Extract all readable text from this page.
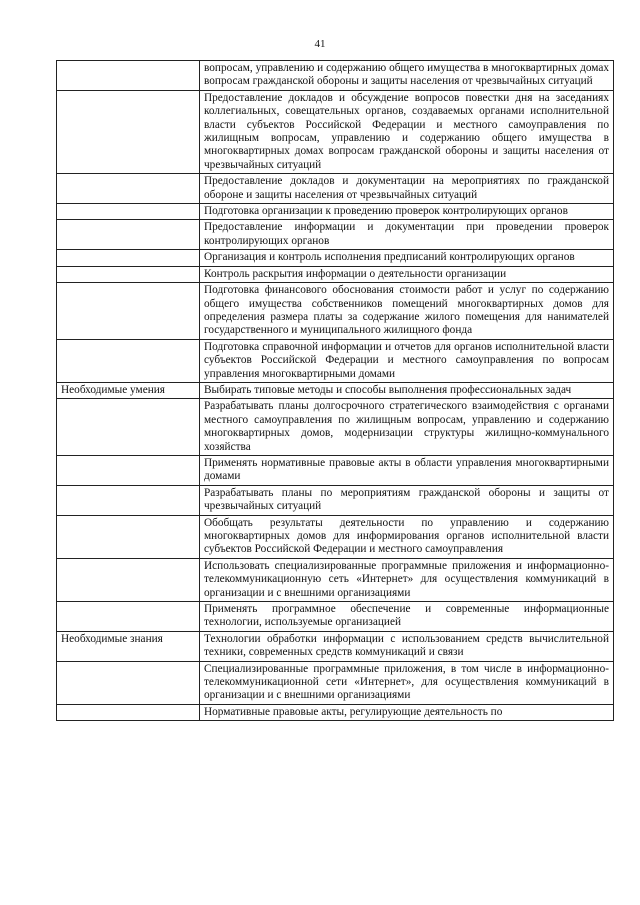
41
	вопросам, управлению и содержанию общего имущества в многоквартирных домах вопросам гражданской обороны и защиты населения от чрезвычайных ситуаций
	Предоставление докладов и обсуждение вопросов повестки дня на заседаниях коллегиальных, совещательных органов, создаваемых органами исполнительной власти субъектов Российской Федерации и местного самоуправления по жилищным вопросам, управлению и содержанию общего имущества в многоквартирных домах вопросам гражданской обороны и защиты населения от чрезвычайных ситуаций
	Предоставление докладов и документации на мероприятиях по гражданской обороне и защиты населения от чрезвычайных ситуаций
	Подготовка организации к проведению проверок контролирующих органов
	Предоставление информации и документации при проведении проверок контролирующих органов
	Организация и контроль исполнения предписаний контролирующих органов
	Контроль раскрытия информации о деятельности организации
	Подготовка финансового обоснования стоимости работ и услуг по содержанию общего имущества собственников помещений многоквартирных домов для определения размера платы за содержание жилого помещения для нанимателей государственного и муниципального жилищного фонда
	Подготовка справочной информации и отчетов для органов исполнительной власти субъектов Российской Федерации и местного самоуправления по вопросам управления многоквартирными домами
Необходимые умения	Выбирать типовые методы и способы выполнения профессиональных задач
	Разрабатывать планы долгосрочного стратегического взаимодействия с органами местного самоуправления по жилищным вопросам, управлению и содержанию многоквартирных домов, модернизации структуры жилищно-коммунального хозяйства
	Применять нормативные правовые акты в области управления многоквартирными домами
	Разрабатывать планы по мероприятиям гражданской обороны и защиты от чрезвычайных ситуаций
	Обобщать результаты деятельности по управлению и содержанию многоквартирных домов для информирования органов исполнительной власти субъектов Российской Федерации и местного самоуправления
	Использовать специализированные программные приложения и информационно-телекоммуникационную сеть «Интернет» для осуществления коммуникаций в организации и с внешними организациями
	Применять программное обеспечение и современные информационные технологии, используемые организацией
Необходимые знания	Технологии обработки информации с использованием средств вычислительной техники, современных средств коммуникаций и связи
	Специализированные программные приложения, в том числе в информационно-телекоммуникационной сети «Интернет», для осуществления коммуникаций в организации и с внешними организациями
	Нормативные правовые акты, регулирующие деятельность по
